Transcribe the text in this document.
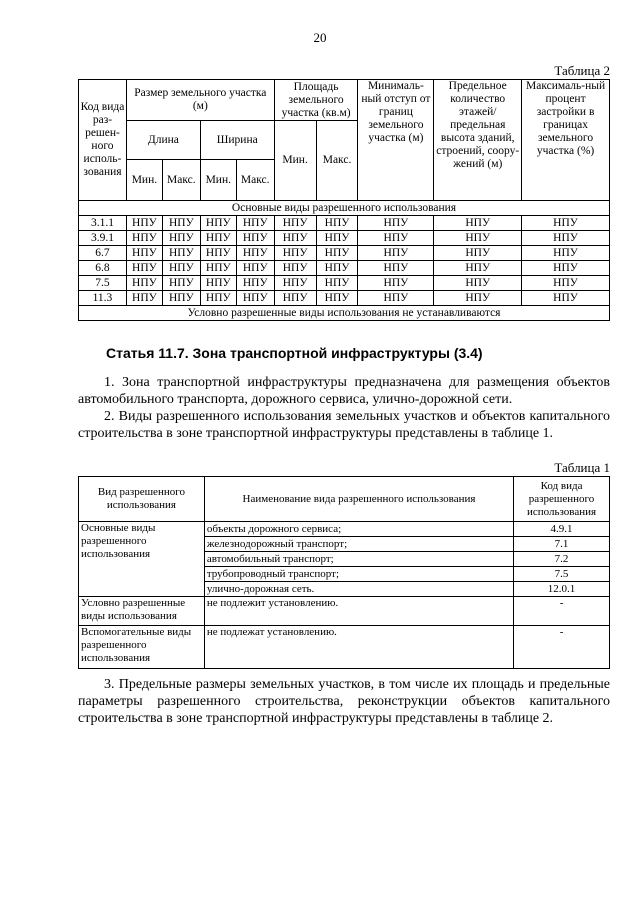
20
Таблица 2
Код вида раз-решен-ного исполь-зования	Размер земельного участка (м)				Площадь земельного участка (кв.м)		Минималь-ный отступ от границ земельного участка (м)	Предельное количество этажей/ предельная высота зданий, строений, соору-жений (м)	Максималь-ный процент застройки в границах земельного участка (%)
	Длина		Ширина		Мин.	Макс.			
	Мин.	Макс.	Мин.	Макс.					
Основные виды разрешенного использования									
3.1.1	НПУ	НПУ	НПУ	НПУ	НПУ	НПУ	НПУ	НПУ	НПУ
3.9.1	НПУ	НПУ	НПУ	НПУ	НПУ	НПУ	НПУ	НПУ	НПУ
6.7	НПУ	НПУ	НПУ	НПУ	НПУ	НПУ	НПУ	НПУ	НПУ
6.8	НПУ	НПУ	НПУ	НПУ	НПУ	НПУ	НПУ	НПУ	НПУ
7.5	НПУ	НПУ	НПУ	НПУ	НПУ	НПУ	НПУ	НПУ	НПУ
11.3	НПУ	НПУ	НПУ	НПУ	НПУ	НПУ	НПУ	НПУ	НПУ
Условно разрешенные виды использования не устанавливаются									
Статья 11.7. Зона транспортной инфраструктуры (3.4)
1. Зона транспортной инфраструктуры предназначена для размещения объектов автомобильного транспорта, дорожного сервиса, улично-дорожной сети.
2. Виды разрешенного использования земельных участков и объектов капитального строительства в зоне транспортной инфраструктуры представлены в таблице 1.
Таблица 1
Вид разрешенного использования	Наименование вида разрешенного использования	Код вида разрешенного использования
Основные виды разрешенного использования	объекты дорожного сервиса;	4.9.1
	железнодорожный транспорт;	7.1
	автомобильный транспорт;	7.2
	трубопроводный транспорт;	7.5
	улично-дорожная сеть.	12.0.1
Условно разрешенные виды использования	не подлежит установлению.	-
Вспомогательные виды разрешенного использования	не подлежат установлению.	-
3. Предельные размеры земельных участков, в том числе их площадь и предельные параметры разрешенного строительства, реконструкции объектов капитального строительства в зоне транспортной инфраструктуры представлены в таблице 2.
